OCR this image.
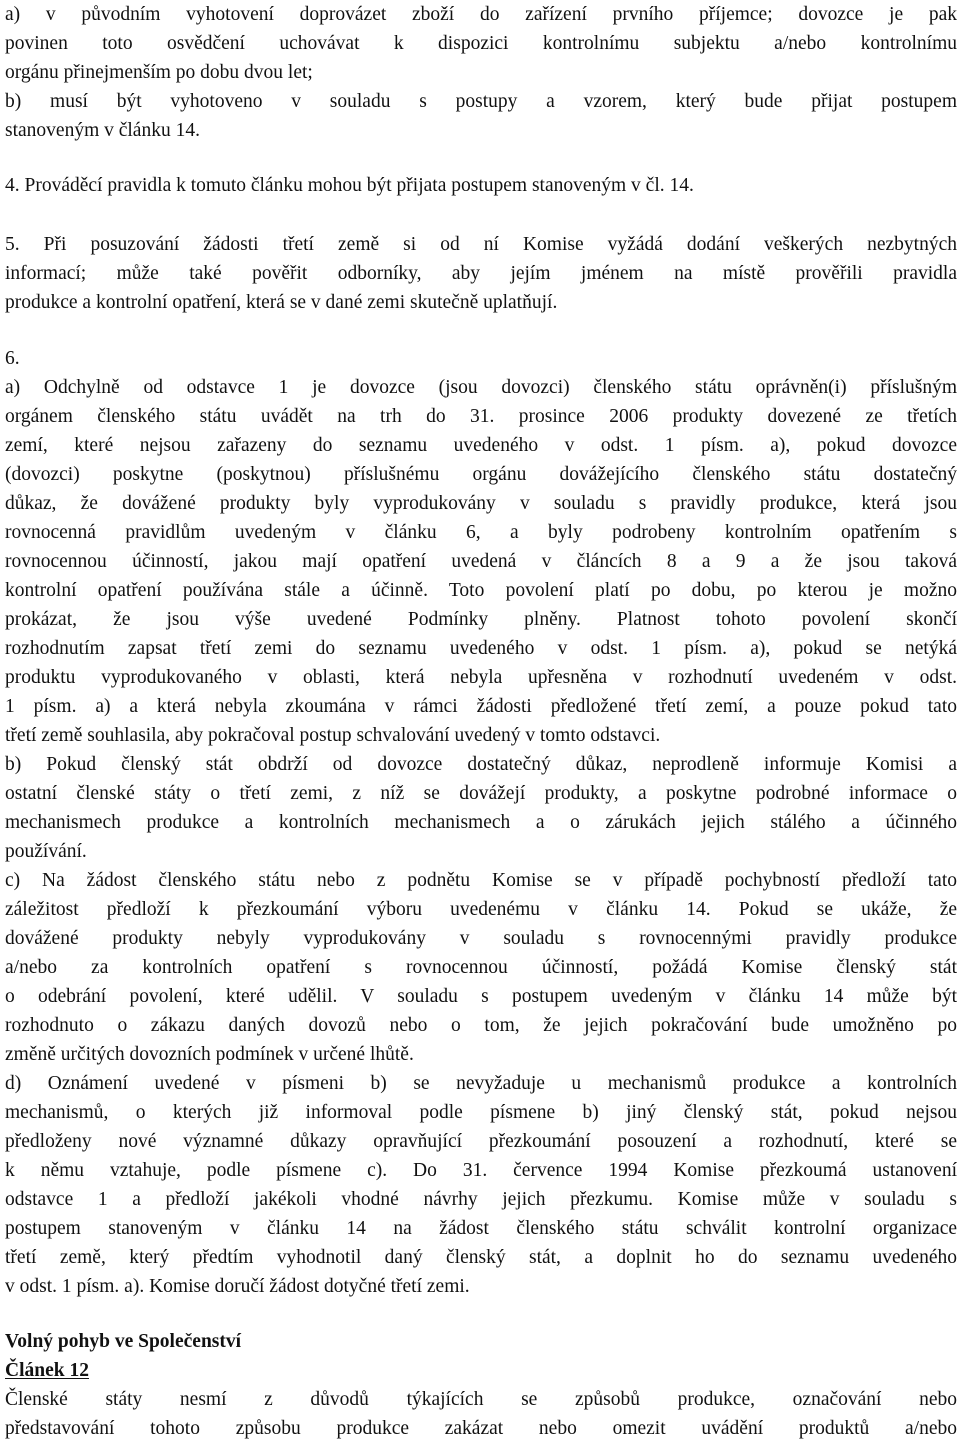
a) v původním vyhotovení doprovázet zboží do zařízení prvního příjemce; dovozce je pak
povinen toto osvědčení uchovávat k dispozici kontrolnímu subjektu a/nebo kontrolnímu
orgánu přinejmenším po dobu dvou let;
b) musí být vyhotoveno v souladu s postupy a vzorem, který bude přijat postupem
stanoveným v článku 14.
4. Prováděcí pravidla k tomuto článku mohou být přijata postupem stanoveným v čl. 14.
5. Při posuzování žádosti třetí země si od ní Komise vyžádá dodání veškerých nezbytných
informací; může také pověřit odborníky, aby jejím jménem na místě prověřili pravidla
produkce a kontrolní opatření, která se v dané zemi skutečně uplatňují.
6.
a) Odchylně od odstavce 1 je dovozce (jsou dovozci) členského státu oprávněn(i) příslušným
orgánem členského státu uvádět na trh do 31. prosince 2006 produkty dovezené ze třetích
zemí, které nejsou zařazeny do seznamu uvedeného v odst. 1 písm. a), pokud dovozce
(dovozci) poskytne (poskytnou) příslušnému orgánu dovážejícího členského státu dostatečný
důkaz, že dovážené produkty byly vyprodukovány v souladu s pravidly produkce, která jsou
rovnocenná pravidlům uvedeným v článku 6, a byly podrobeny kontrolním opatřením s
rovnocennou účinností, jakou mají opatření uvedená v článcích 8 a 9 a že jsou taková
kontrolní opatření používána stále a účinně. Toto povolení platí po dobu, po kterou je možno
prokázat, že jsou výše uvedené Podmínky plněny. Platnost tohoto povolení skončí
rozhodnutím zapsat třetí zemi do seznamu uvedeného v odst. 1 písm. a), pokud se netýká
produktu vyprodukovaného v oblasti, která nebyla upřesněna v rozhodnutí uvedeném v odst.
1 písm. a) a která nebyla zkoumána v rámci žádosti předložené třetí zemí, a pouze pokud tato
třetí země souhlasila, aby pokračoval postup schvalování uvedený v tomto odstavci.
b) Pokud členský stát obdrží od dovozce dostatečný důkaz, neprodleně informuje Komisi a
ostatní členské státy o třetí zemi, z níž se dovážejí produkty, a poskytne podrobné informace o
mechanismech produkce a kontrolních mechanismech a o zárukách jejich stálého a účinného
používání.
c) Na žádost členského státu nebo z podnětu Komise se v případě pochybností předloží tato
záležitost předloží k přezkoumání výboru uvedenému v článku 14. Pokud se ukáže, že
dovážené produkty nebyly vyprodukovány v souladu s rovnocennými pravidly produkce
a/nebo za kontrolních opatření s rovnocennou účinností, požádá Komise členský stát
o odebrání povolení, které udělil. V souladu s postupem uvedeným v článku 14 může být
rozhodnuto o zákazu daných dovozů nebo o tom, že jejich pokračování bude umožněno po
změně určitých dovozních podmínek v určené lhůtě.
d) Oznámení uvedené v písmeni b) se nevyžaduje u mechanismů produkce a kontrolních
mechanismů, o kterých již informoval podle písmene b) jiný členský stát, pokud nejsou
předloženy nové významné důkazy opravňující přezkoumání posouzení a rozhodnutí, které se
k němu vztahuje, podle písmene c). Do 31. července 1994 Komise přezkoumá ustanovení
odstavce 1 a předloží jakékoli vhodné návrhy jejich přezkumu. Komise může v souladu s
postupem stanoveným v článku 14 na žádost členského státu schválit kontrolní organizace
třetí země, který předtím vyhodnotil daný členský stát, a doplnit ho do seznamu uvedeného
v odst. 1 písm. a). Komise doručí žádost dotyčné třetí zemi.
Volný pohyb ve Společenství
Článek 12
Členské státy nesmí z důvodů týkajících se způsobů produkce, označování nebo
představování tohoto způsobu produkce zakázat nebo omezit uvádění produktů a/nebo
